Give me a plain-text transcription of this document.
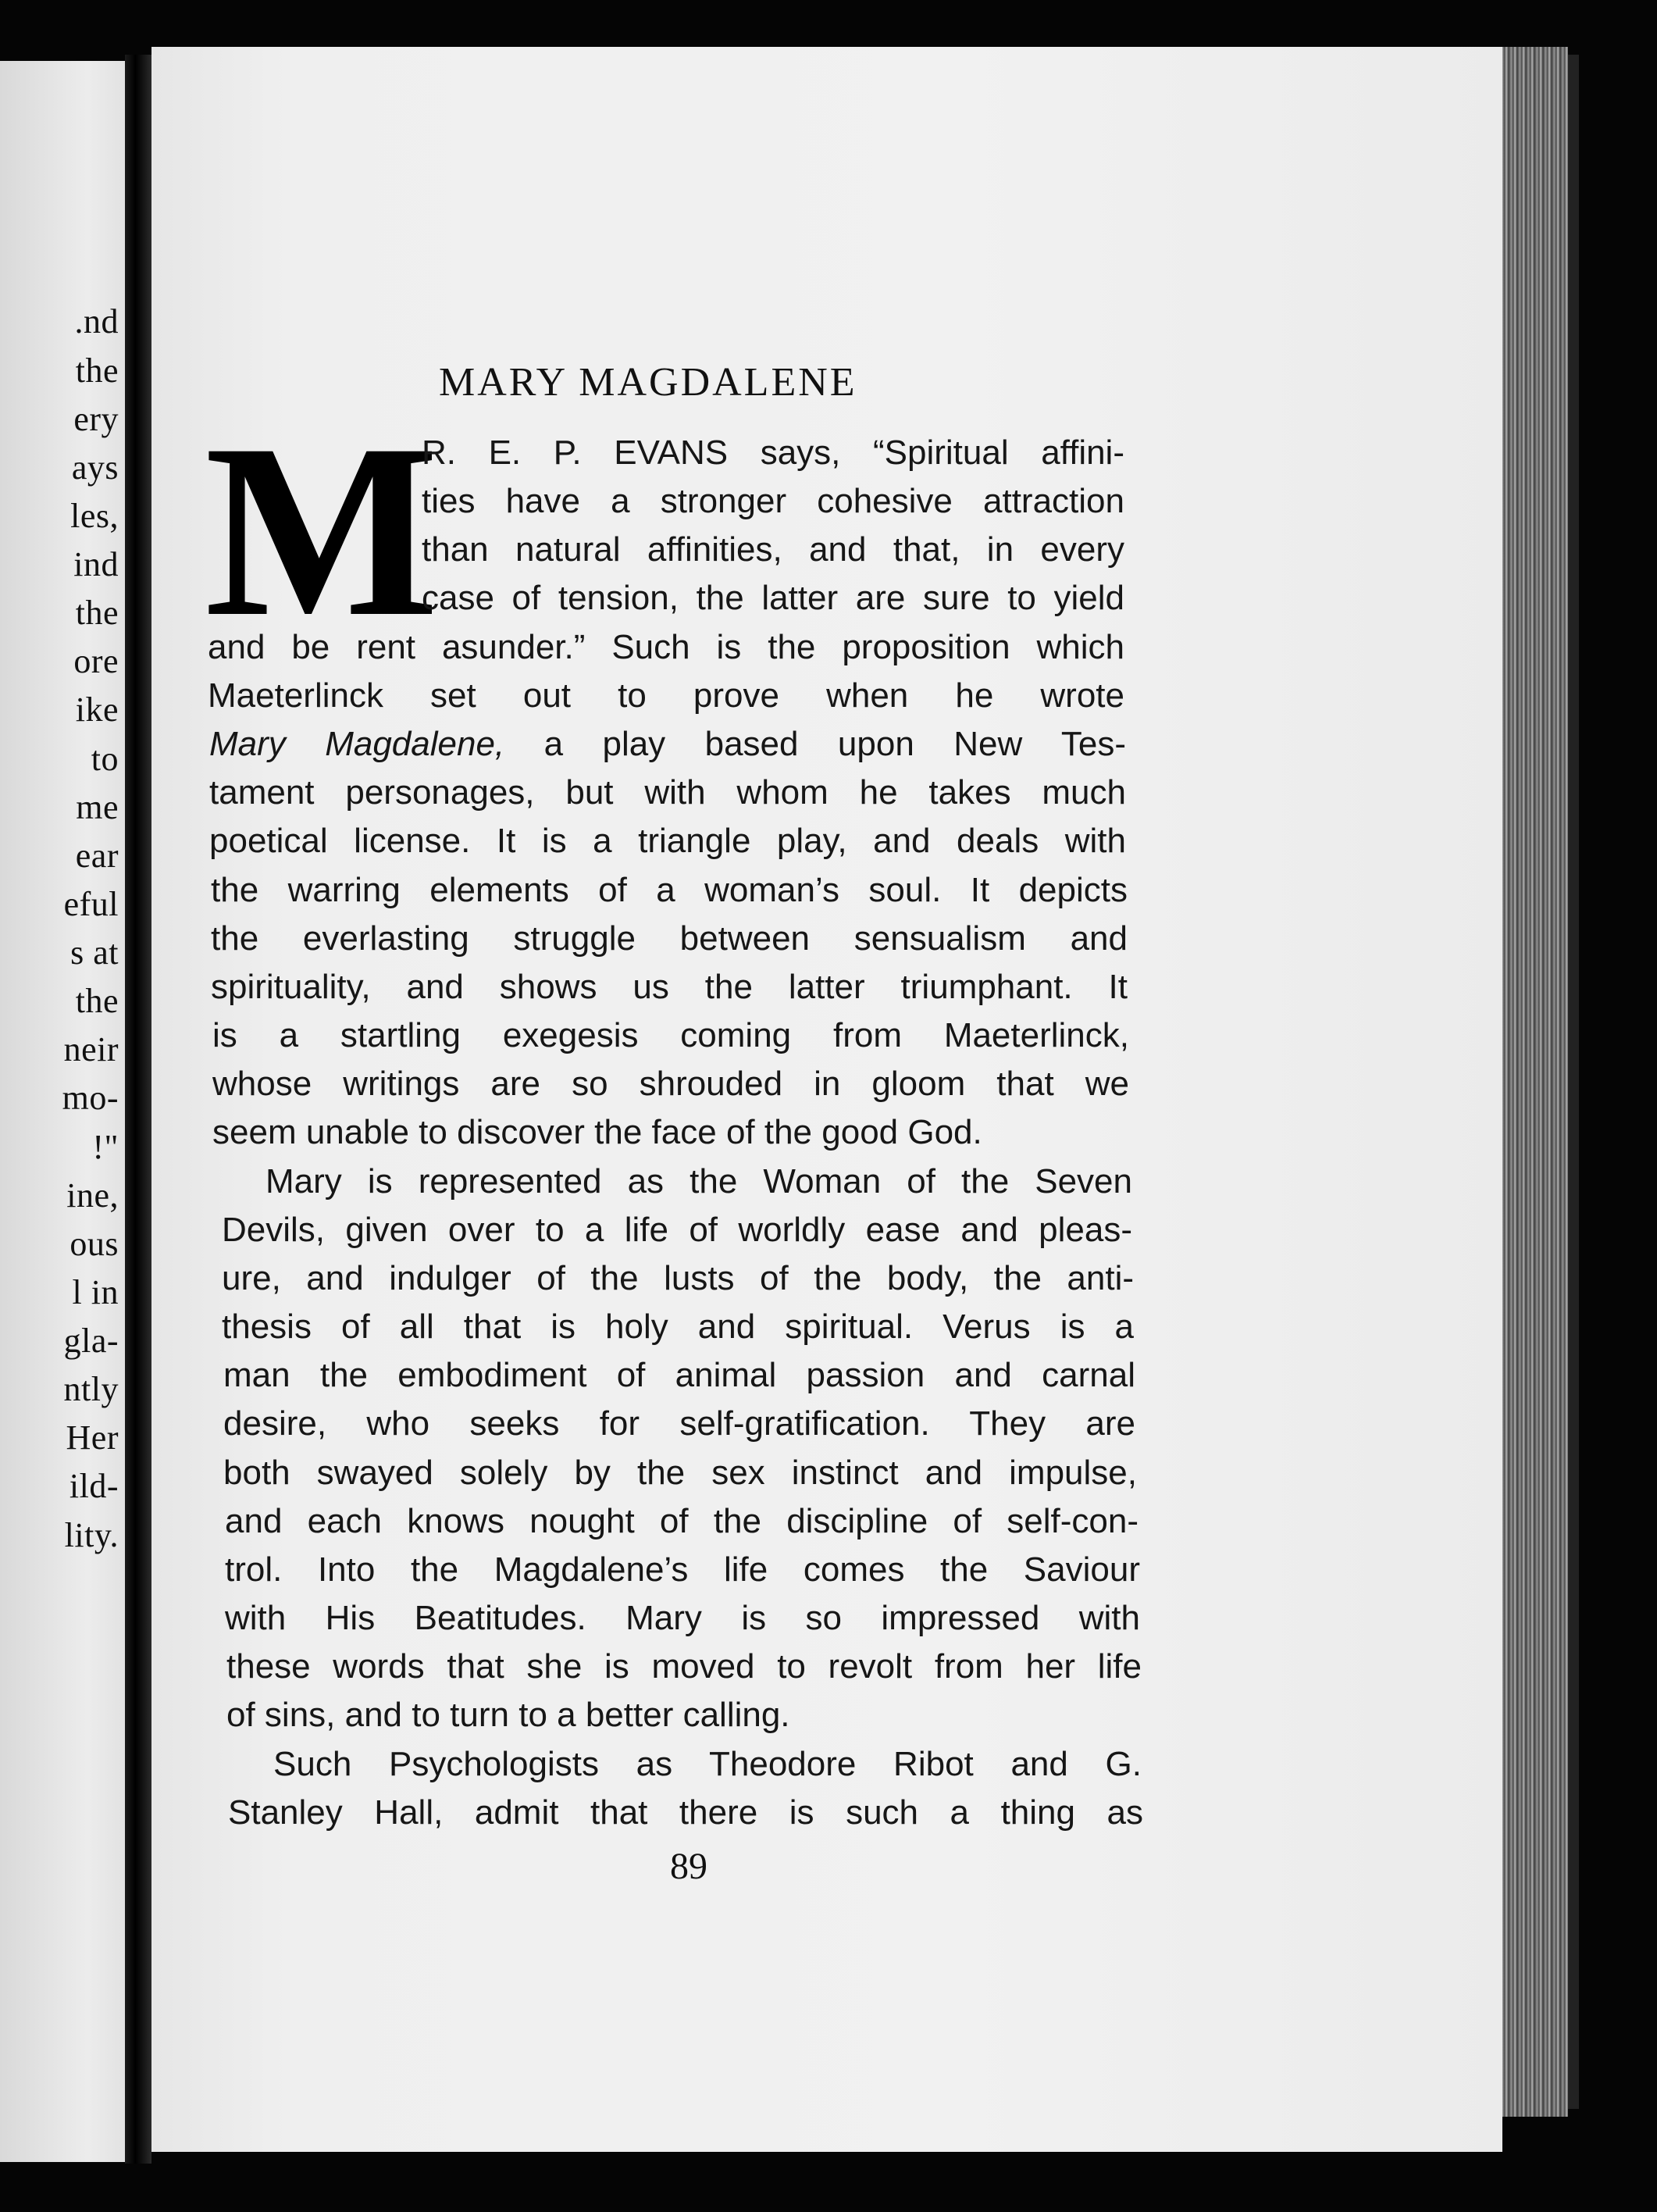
.nd

the

ery

ays

les,

ind

the

ore

ike

to

me

ear

eful

s at

the

neir

mo-

!"

ine,

ous

l in

gla-

ntly

Her

ild-

lity.

MARY MAGDALENE
M

R. E. P. EVANS says, “Spiritual affini-

ties have a stronger cohesive attraction

than natural affinities, and that, in every

case of tension, the latter are sure to yield

and be rent asunder.” Such is the proposition which

Maeterlinck set out to prove when he wrote

Mary Magdalene, a play based upon New Tes-

tament personages, but with whom he takes much

poetical license. It is a triangle play, and deals with

the warring elements of a woman’s soul. It depicts

the everlasting struggle between sensualism and

spirituality, and shows us the latter triumphant. It

is a startling exegesis coming from Maeterlinck,

whose writings are so shrouded in gloom that we

seem unable to discover the face of the good God.

Mary is represented as the Woman of the Seven

Devils, given over to a life of worldly ease and pleas-

ure, and indulger of the lusts of the body, the anti-

thesis of all that is holy and spiritual. Verus is a

man the embodiment of animal passion and carnal

desire, who seeks for self-gratification. They are

both swayed solely by the sex instinct and impulse,

and each knows nought of the discipline of self-con-

trol. Into the Magdalene’s life comes the Saviour

with His Beatitudes. Mary is so impressed with

these words that she is moved to revolt from her life

of sins, and to turn to a better calling.

Such Psychologists as Theodore Ribot and G.

Stanley Hall, admit that there is such a thing as

89
